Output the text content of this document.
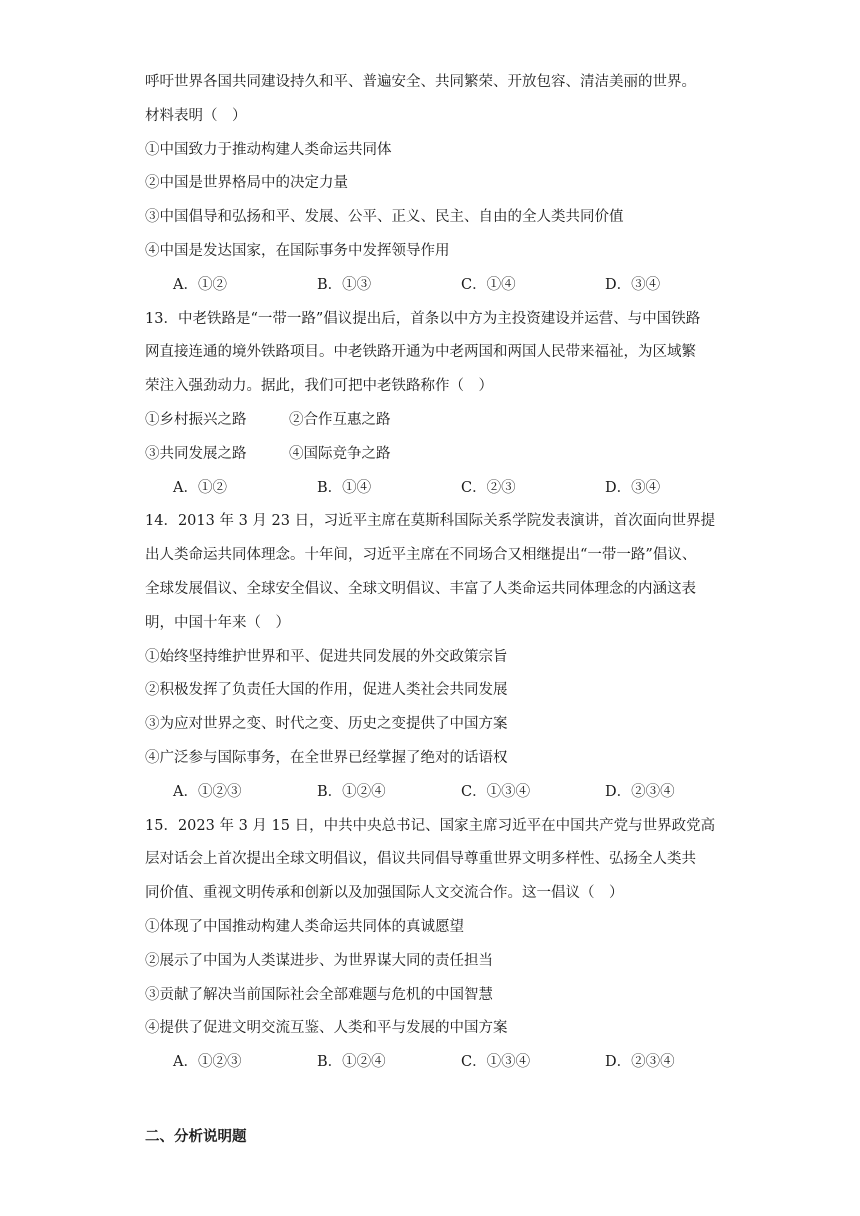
呼吁世界各国共同建设持久和平、普遍安全、共同繁荣、开放包容、清洁美丽的世界。
材料表明（　）
①中国致力于推动构建人类命运共同体
②中国是世界格局中的决定力量
③中国倡导和弘扬和平、发展、公平、正义、民主、自由的全人类共同价值
④中国是发达国家，在国际事务中发挥领导作用
A．①②	B．①③	C．①④	D．③④
13．中老铁路是“一带一路”倡议提出后，首条以中方为主投资建设并运营、与中国铁路
网直接连通的境外铁路项目。中老铁路开通为中老两国和两国人民带来福祉，为区域繁
荣注入强劲动力。据此，我们可把中老铁路称作（　）
①乡村振兴之路	②合作互惠之路
③共同发展之路	④国际竞争之路
A．①②	B．①④	C．②③	D．③④
14．2013 年 3 月 23 日，习近平主席在莫斯科国际关系学院发表演讲，首次面向世界提
出人类命运共同体理念。十年间，习近平主席在不同场合又相继提出“一带一路”倡议、
全球发展倡议、全球安全倡议、全球文明倡议、丰富了人类命运共同体理念的内涵这表
明，中国十年来（　）
①始终坚持维护世界和平、促进共同发展的外交政策宗旨
②积极发挥了负责任大国的作用，促进人类社会共同发展
③为应对世界之变、时代之变、历史之变提供了中国方案
④广泛参与国际事务，在全世界已经掌握了绝对的话语权
A．①②③	B．①②④	C．①③④	D．②③④
15．2023 年 3 月 15 日，中共中央总书记、国家主席习近平在中国共产党与世界政党高
层对话会上首次提出全球文明倡议，倡议共同倡导尊重世界文明多样性、弘扬全人类共
同价值、重视文明传承和创新以及加强国际人文交流合作。这一倡议（　）
①体现了中国推动构建人类命运共同体的真诚愿望
②展示了中国为人类谋进步、为世界谋大同的责任担当
③贡献了解决当前国际社会全部难题与危机的中国智慧
④提供了促进文明交流互鉴、人类和平与发展的中国方案
A．①②③	B．①②④	C．①③④	D．②③④
二、分析说明题
